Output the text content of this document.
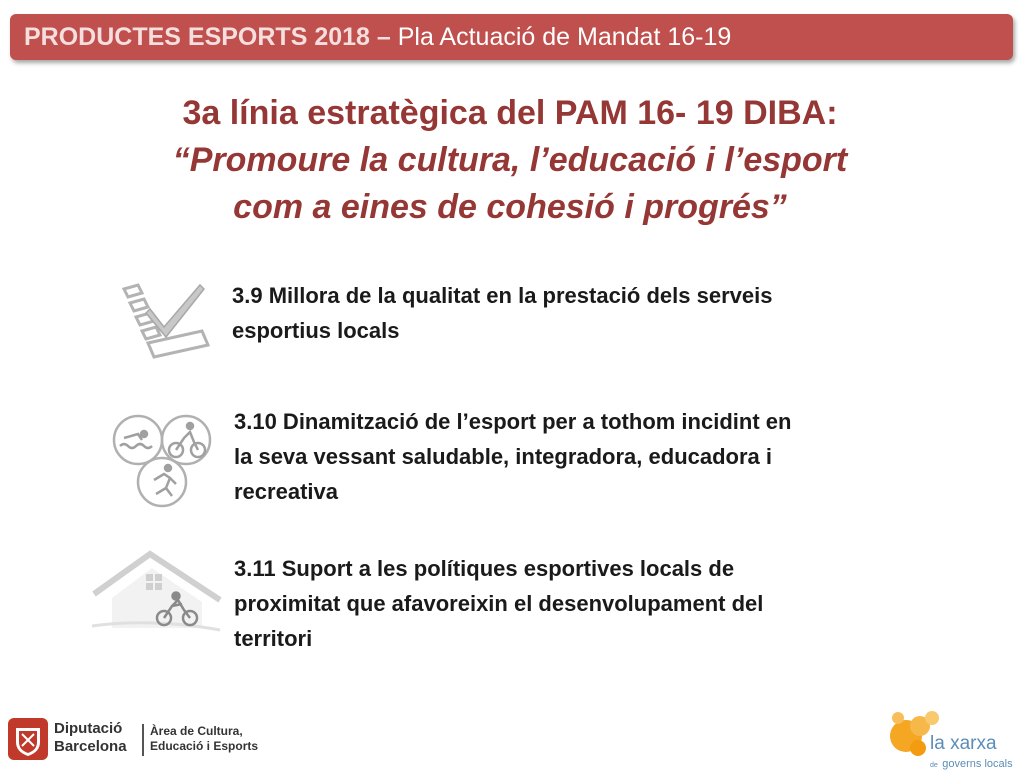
PRODUCTES ESPORTS 2018 – Pla Actuació de Mandat 16-19
3a línia estratègica del PAM 16- 19 DIBA:
“Promoure la cultura, l’educació i l’esport
com a eines de cohesió i progrés”
3.9 Millora de la qualitat en la prestació dels serveis
esportius locals
3.10 Dinamització de l’esport per a tothom incidint en
la seva vessant saludable, integradora, educadora i
recreativa
3.11 Suport a les polítiques esportives locals de
proximitat que afavoreixin el desenvolupament del
territori
Diputació
Barcelona
Àrea de Cultura,
Educació i Esports	la xarxa
de governs locals
